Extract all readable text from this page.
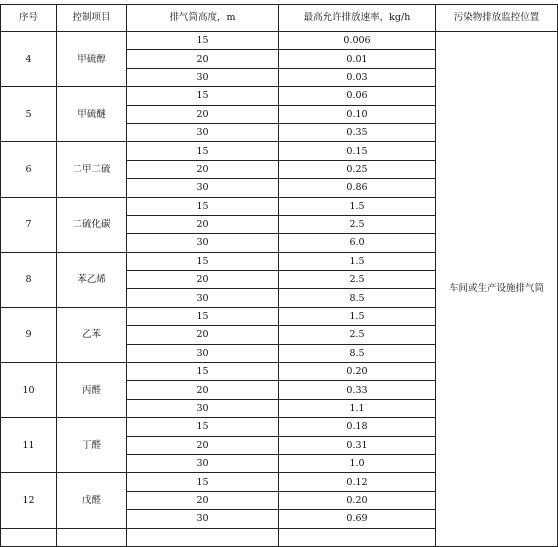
序号	控制项目	排气筒高度，m	最高允许排放速率，kg/h	污染物排放监控位置
4	甲硫醇	15	0.006	车间或生产设施排气筒
		20	0.01	
		30	0.03	
5	甲硫醚	15	0.06	
		20	0.10	
		30	0.35	
6	二甲二硫	15	0.15	
		20	0.25	
		30	0.86	
7	二硫化碳	15	1.5	
		20	2.5	
		30	6.0	
8	苯乙烯	15	1.5	
		20	2.5	
		30	8.5	
9	乙苯	15	1.5	
		20	2.5	
		30	8.5	
10	丙醛	15	0.20	
		20	0.33	
		30	1.1	
11	丁醛	15	0.18	
		20	0.31	
		30	1.0	
12	戊醛	15	0.12	
		20	0.20	
		30	0.69	
